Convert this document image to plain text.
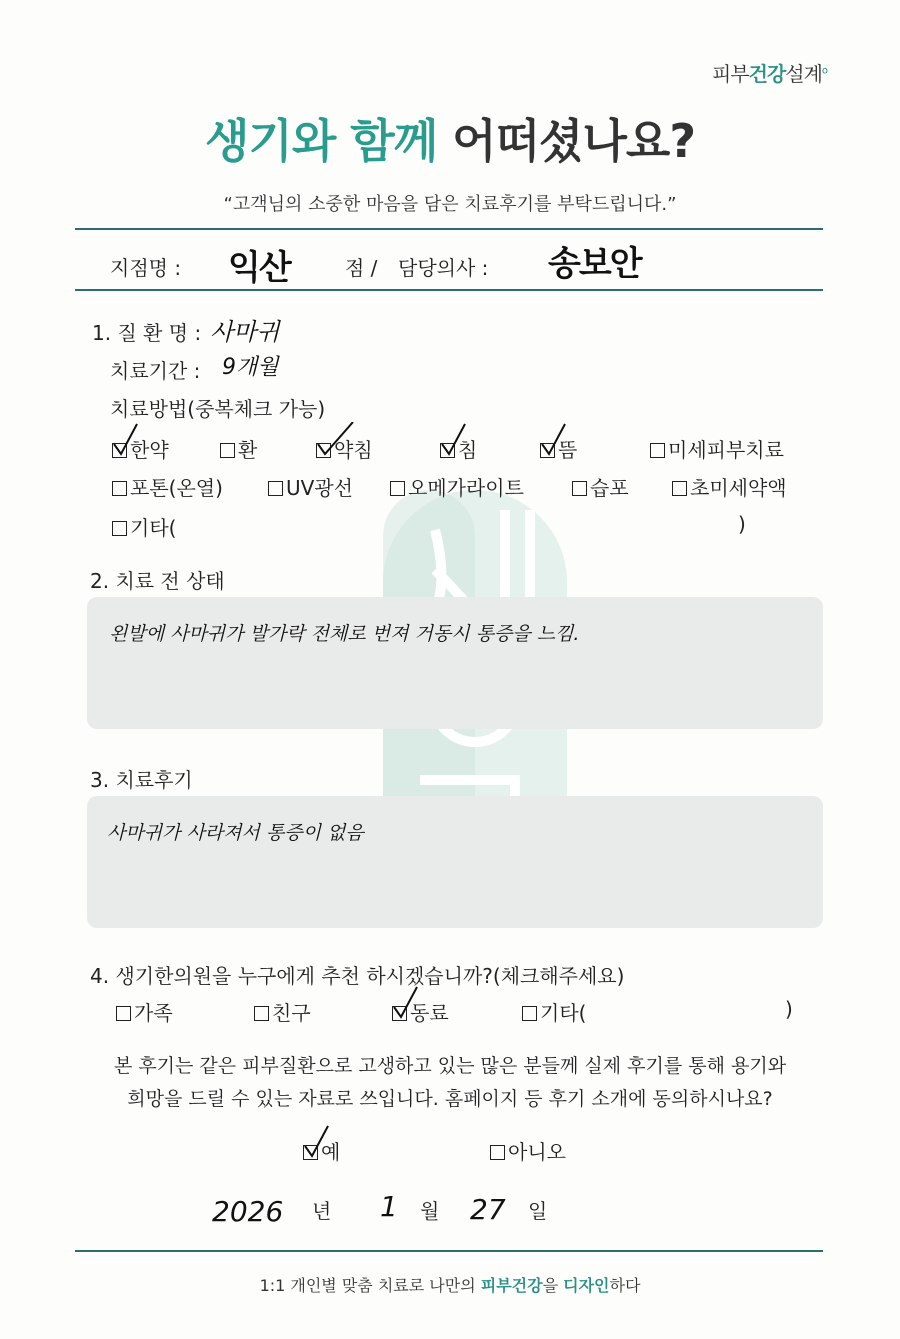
피부건강설계$^o$
생기와 함께 어떠셨나요?
“고객님의 소중한 마음을 담은 치료후기를 부탁드립니다.”
지점명 : 익산	점 / 담당의사 : 송보안
1. 질 환 명 : 사마귀
치료기간 : 9개월
치료방법(중복체크 가능)
한약	환	약침	침	뜸	미세피부치료
포톤(온열)	UV광선	오메가라이트	습포	초미세약액
기타(	)
2. 치료 전 상태
왼발에 사마귀가 발가락 전체로 번져 거동시 통증을 느낌.
3. 치료후기
사마귀가 사라져서 통증이 없음
4. 생기한의원을 누구에게 추천 하시겠습니까?(체크해주세요)
가족	친구	동료	기타(	)
본 후기는 같은 피부질환으로 고생하고 있는 많은 분들께 실제 후기를 통해 용기와
희망을 드릴 수 있는 자료로 쓰입니다. 홈페이지 등 후기 소개에 동의하시나요?
예	아니오
2026 년 1 월 27 일
1:1 개인별 맞춤 치료로 나만의 피부건강을 디자인하다
